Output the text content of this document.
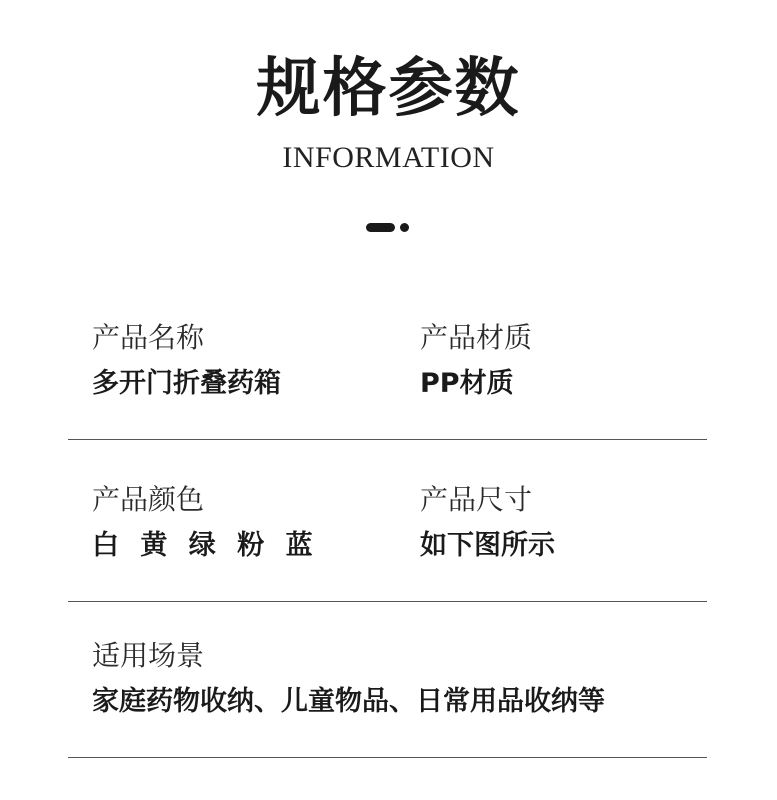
规格参数
INFORMATION
产品名称
多开门折叠药箱
产品材质
PP材质
产品颜色
白 黄 绿 粉 蓝
产品尺寸
如下图所示
适用场景
家庭药物收纳、儿童物品、日常用品收纳等
